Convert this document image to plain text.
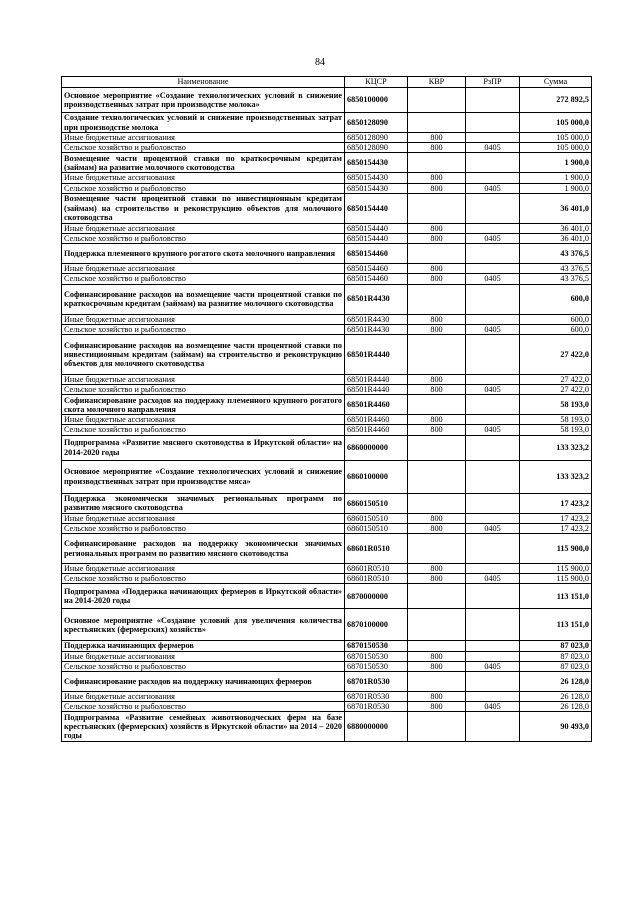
84
Наименование	КЦСР	КВР	РзПР	Сумма
Основное мероприятие «Создание технологических условий в снижение производственных затрат при производстве молока»	6850100000			272 892,5
Создание технологических условий и снижение производственных затрат при производстве молока	6850128090			105 000,0
Иные бюджетные ассигнования	6850128090	800		105 000,0
Сельское хозяйство и рыболовство	6850128090	800	0405	105 000,0
Возмещение части процентной ставки по краткосрочным кредитам (займам) на развитие молочного скотоводства	6850154430			1 900,0
Иные бюджетные ассигнования	6850154430	800		1 900,0
Сельское хозяйство и рыболовство	6850154430	800	0405	1 900,0
Возмещение части процентной ставки по инвестиционным кредитам (займам) на строительство и реконструкцию объектов для молочного скотоводства	6850154440			36 401,0
Иные бюджетные ассигнования	6850154440	800		36 401,0
Сельское хозяйство и рыболовство	6850154440	800	0405	36 401,0
Поддержка племенного крупного рогатого скота молочного направления	6850154460			43 376,5
Иные бюджетные ассигнования	6850154460	800		43 376,5
Сельское хозяйство и рыболовство	6850154460	800	0405	43 376,5
Софинансирование расходов на возмещение части процентной ставки по краткосрочным кредитам (займам) на развитие молочного скотоводства	68501R4430			600,0
Иные бюджетные ассигнования	68501R4430	800		600,0
Сельское хозяйство и рыболовство	68501R4430	800	0405	600,0
Софинансирование расходов на возмещение части процентной ставки по инвестиционным кредитам (займам) на строительство и реконструкцию объектов для молочного скотоводства	68501R4440			27 422,0
Иные бюджетные ассигнования	68501R4440	800		27 422,0
Сельское хозяйство и рыболовство	68501R4440	800	0405	27 422,0
Софинансирование расходов на поддержку племенного крупного рогатого скота молочного направления	68501R4460			58 193,0
Иные бюджетные ассигнования	68501R4460	800		58 193,0
Сельское хозяйство и рыболовство	68501R4460	800	0405	58 193,0
Подпрограмма «Развитие мясного скотоводства в Иркутской области» на 2014-2020 годы	6860000000			133 323,2
Основное мероприятие «Создание технологических условий и снижение производственных затрат при производстве мяса»	6860100000			133 323,2
Поддержка экономически значимых региональных программ по развитию мясного скотоводства	6860150510			17 423,2
Иные бюджетные ассигнования	6860150510	800		17 423,2
Сельское хозяйство и рыболовство	6860150510	800	0405	17 423,2
Софинансирование расходов на поддержку экономически значимых региональных программ по развитию мясного скотоводства	68601R0510			115 900,0
Иные бюджетные ассигнования	68601R0510	800		115 900,0
Сельское хозяйство и рыболовство	68601R0510	800	0405	115 900,0
Подпрограмма «Поддержка начинающих фермеров в Иркутской области» на 2014-2020 годы	6870000000			113 151,0
Основное мероприятие «Создание условий для увеличения количества крестьянских (фермерских) хозяйств»	6870100000			113 151,0
Поддержка начинающих фермеров	6870150530			87 023,0
Иные бюджетные ассигнования	6870150530	800		87 023,0
Сельское хозяйство и рыболовство	6870150530	800	0405	87 023,0
Софинансирование расходов на поддержку начинающих фермеров	68701R0530			26 128,0
Иные бюджетные ассигнования	68701R0530	800		26 128,0
Сельское хозяйство и рыболовство	68701R0530	800	0405	26 128,0
Подпрограмма «Развитие семейных животноводческих ферм на базе крестьянских (фермерских) хозяйств в Иркутской области» на 2014 – 2020 годы	6880000000			90 493,0
